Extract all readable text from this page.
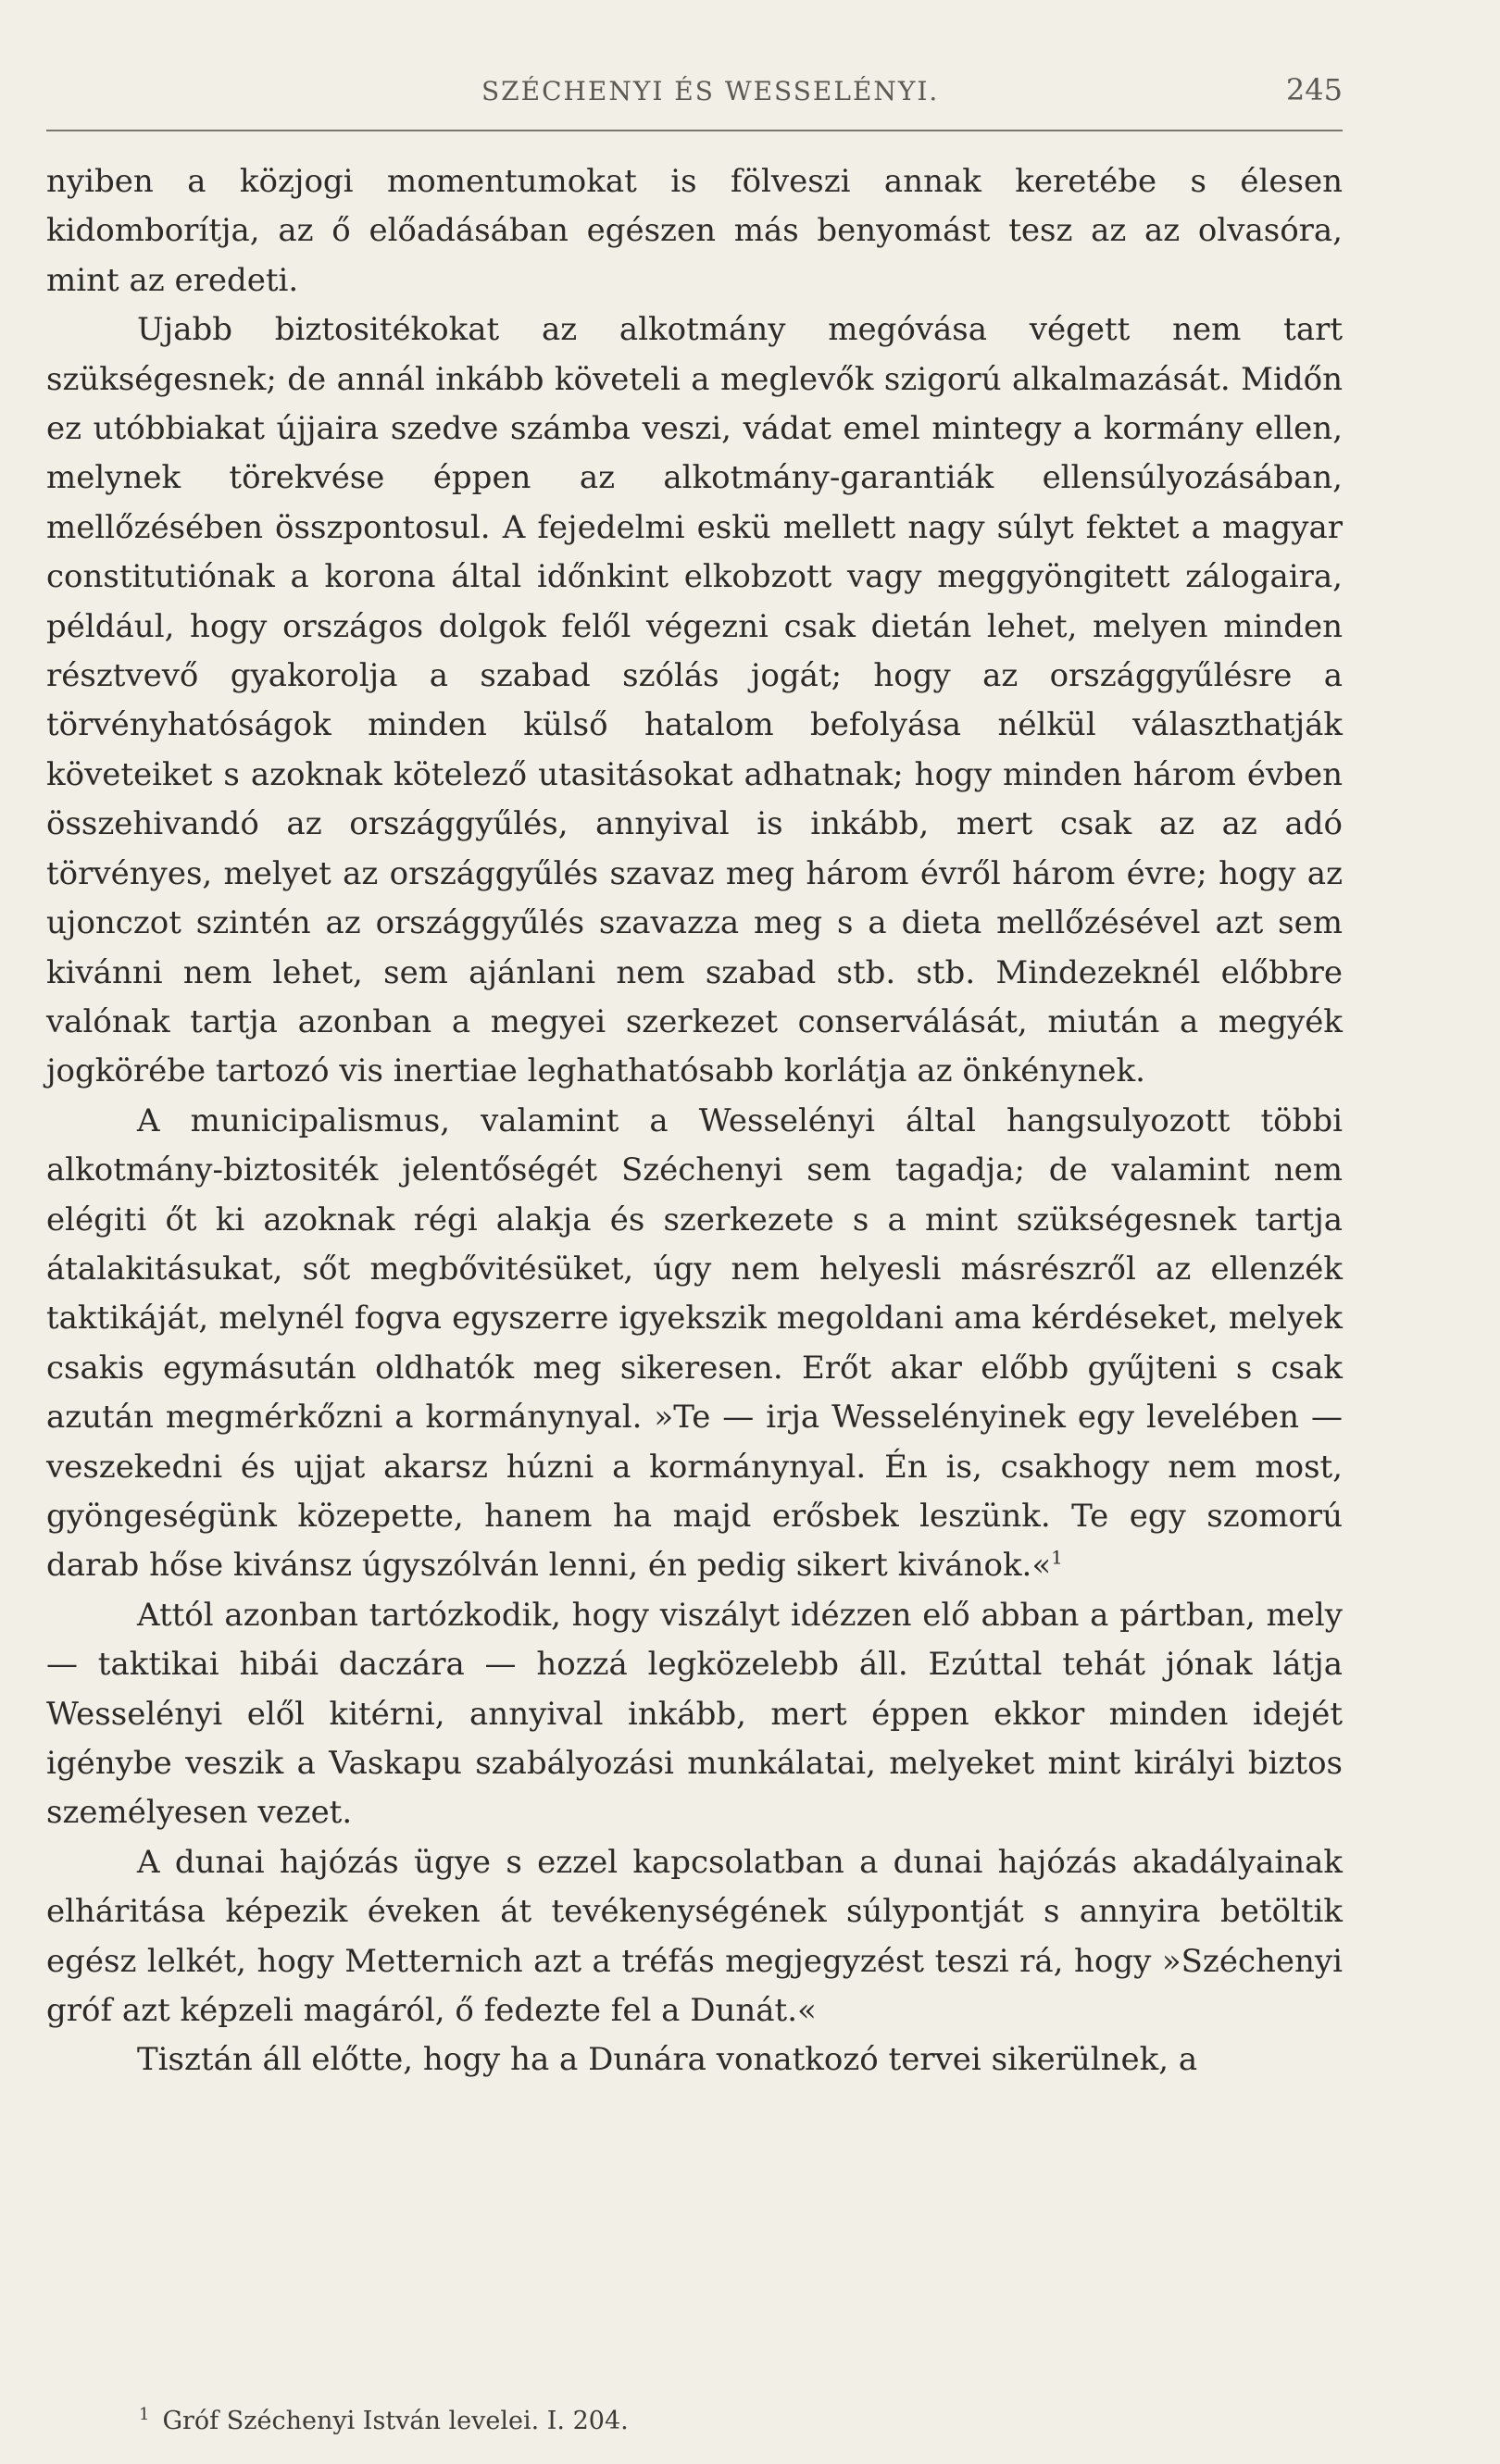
SZÉCHENYI ÉS WESSELÉNYI.	245

nyiben a közjogi momentumokat is fölveszi annak keretébe s élesen kidomborítja, az ő előadásában egészen más benyomást tesz az az olvasóra, mint az eredeti.

Ujabb biztositékokat az alkotmány megóvása végett nem tart szükségesnek; de annál inkább követeli a meglevők szigorú alkalmazását. Midőn ez utóbbiakat újjaira szedve számba veszi, vádat emel mintegy a kormány ellen, melynek törekvése éppen az alkotmány-garantiák ellensúlyozásában, mellőzésében összpontosul. A fejedelmi eskü mellett nagy súlyt fektet a magyar constitutiónak a korona által időnkint elkobzott vagy meggyöngitett zálogaira, például, hogy országos dolgok felől végezni csak dietán lehet, melyen minden résztvevő gyakorolja a szabad szólás jogát; hogy az országgyűlésre a törvényhatóságok minden külső hatalom befolyása nélkül választhatják követeiket s azoknak kötelező utasitásokat adhatnak; hogy minden három évben összehivandó az országgyűlés, annyival is inkább, mert csak az az adó törvényes, melyet az országgyűlés szavaz meg három évről három évre; hogy az ujonczot szintén az országgyűlés szavazza meg s a dieta mellőzésével azt sem kivánni nem lehet, sem ajánlani nem szabad stb. stb. Mindezeknél előbbre valónak tartja azonban a megyei szerkezet conserválását, miután a megyék jogkörébe tartozó vis inertiae leghathatósabb korlátja az önkénynek.

A municipalismus, valamint a Wesselényi által hangsulyozott többi alkotmány-biztositék jelentőségét Széchenyi sem tagadja; de valamint nem elégiti őt ki azoknak régi alakja és szerkezete s a mint szükségesnek tartja átalakitásukat, sőt megbővitésüket, úgy nem helyesli másrészről az ellenzék taktikáját, melynél fogva egyszerre igyekszik megoldani ama kérdéseket, melyek csakis egymásután oldhatók meg sikeresen. Erőt akar előbb gyűjteni s csak azután megmérkőzni a kormánynyal. »Te — irja Wesselényinek egy levelében — veszekedni és ujjat akarsz húzni a kormánynyal. Én is, csakhogy nem most, gyöngeségünk közepette, hanem ha majd erősbek leszünk. Te egy szomorú darab hőse kivánsz úgyszólván lenni, én pedig sikert kivánok.«$^1$

Attól azonban tartózkodik, hogy viszályt idézzen elő abban a pártban, mely — taktikai hibái daczára — hozzá legközelebb áll. Ezúttal tehát jónak látja Wesselényi elől kitérni, annyival inkább, mert éppen ekkor minden idejét igénybe veszik a Vaskapu szabályozási munkálatai, melyeket mint királyi biztos személyesen vezet.

A dunai hajózás ügye s ezzel kapcsolatban a dunai hajózás akadályainak elháritása képezik éveken át tevékenységének súlypontját s annyira betöltik egész lelkét, hogy Metternich azt a tréfás megjegyzést teszi rá, hogy »Széchenyi gróf azt képzeli magáról, ő fedezte fel a Dunát.«

Tisztán áll előtte, hogy ha a Dunára vonatkozó tervei sikerülnek, a

$^1$ Gróf Széchenyi István levelei. I. 204.
